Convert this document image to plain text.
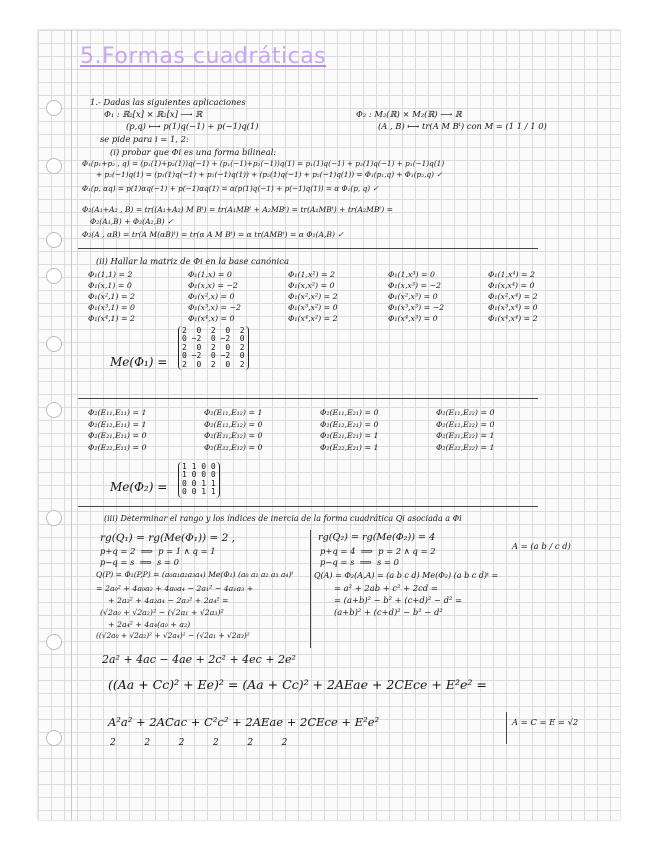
5.Formas cuadráticas
1.- Dadas las siguientes aplicaciones
Φ₁ : ℝ₂[x] × ℝ₂[x] ⟶ ℝ
(p,q) ⟼ p(1)q(−1) + p(−1)q(1)
Φ₂ : M₂(ℝ) × M₂(ℝ) ⟶ ℝ
(A , B) ⟼ tr(A M Bᵗ) con M = (1 1 / 1 0)
se pide para i = 1, 2:
(i) probar que Φi es una forma bilineal:
Φ₁(p₁+p₂ , q) = (p₁(1)+p₂(1))q(−1) + (p₁(−1)+p₂(−1))q(1) = p₁(1)q(−1) + p₂(1)q(−1) + p₁(−1)q(1)
+ p₂(−1)q(1) = (p₁(1)q(−1) + p₁(−1)q(1)) + (p₂(1)q(−1) + p₂(−1)q(1)) = Φ₁(p₁,q) + Φ₁(p₂,q) ✓
Φ₁(p, αq) = p(1)αq(−1) + p(−1)αq(1) = α(p(1)q(−1) + p(−1)q(1)) = α Φ₁(p, q) ✓
Φ₂(A₁+A₂ , B) = tr((A₁+A₂) M Bᵗ) = tr(A₁MBᵗ + A₂MBᵗ) = tr(A₁MBᵗ) + tr(A₂MBᵗ) =
Φ₂(A₁,B) + Φ₂(A₂,B) ✓
Φ₂(A , αB) = tr(A M(αB)ᵗ) = tr(α A M Bᵗ) = α tr(AMBᵗ) = α Φ₂(A,B) ✓
(ii) Hallar la matriz de Φi en la base canónica
Φ₁(1,1) = 2	Φ₁(1,x) = 0	Φ₁(1,x²) = 2	Φ₁(1,x³) = 0	Φ₁(1,x⁴) = 2
Φ₁(x,1) = 0	Φ₁(x,x) = −2	Φ₁(x,x²) = 0	Φ₁(x,x³) = −2	Φ₁(x,x⁴) = 0
Φ₁(x²,1) = 2	Φ₁(x²,x) = 0	Φ₁(x²,x²) = 2	Φ₁(x²,x³) = 0	Φ₁(x²,x⁴) = 2
Φ₁(x³,1) = 0	Φ₁(x³,x) = −2	Φ₁(x³,x²) = 0	Φ₁(x³,x³) = −2	Φ₁(x³,x⁴) = 0
Φ₁(x⁴,1) = 2	Φ₁(x⁴,x) = 0	Φ₁(x⁴,x²) = 2	Φ₁(x⁴,x³) = 0	Φ₁(x⁴,x⁴) = 2
Me(Φ₁) =
2  0  2  0  2
0 −2  0 −2  0
2  0  2  0  2
0 −2  0 −2  0
2  0  2  0  2
Φ₂(E₁₁,E₁₁) = 1	Φ₂(E₁₁,E₁₂) = 1	Φ₂(E₁₁,E₂₁) = 0	Φ₂(E₁₁,E₂₂) = 0
Φ₂(E₁₂,E₁₁) = 1	Φ₂(E₁₂,E₁₂) = 0	Φ₂(E₁₂,E₂₁) = 0	Φ₂(E₁₂,E₂₂) = 0
Φ₂(E₂₁,E₁₁) = 0	Φ₂(E₂₁,E₁₂) = 0	Φ₂(E₂₁,E₂₁) = 1	Φ₂(E₂₁,E₂₂) = 1
Φ₂(E₂₂,E₁₁) = 0	Φ₂(E₂₂,E₁₂) = 0	Φ₂(E₂₂,E₂₁) = 1	Φ₂(E₂₂,E₂₂) = 1
Me(Φ₂) =
1 1 0 0
1 0 0 0
0 0 1 1
0 0 1 1
(iii) Determinar el rango y los índices de inercia de la forma cuadrática Qi asociada a Φi
rg(Q₁) = rg(Me(Φ₁)) = 2 ,
p+q = 2  ⟹  p = 1 ∧ q = 1
p−q = s  ⟹  s = 0
Q(P) = Φ₁(P,P) = (a₀a₁a₂a₃a₄) Me(Φ₁) (a₀ a₁ a₂ a₃ a₄)ᵗ
= 2a₀² + 4a₀a₂ + 4a₀a₄ − 2a₁² − 4a₁a₃ +
+ 2a₂² + 4a₂a₄ − 2a₃² + 2a₄² =
(√2a₀ + √2a₂)² − (√2a₁ + √2a₃)²
+ 2a₄² + 4a₄(a₀ + a₂)
((√2a₀ + √2a₂)² + √2a₄)² − (√2a₁ + √2a₃)²
rg(Q₂) = rg(Me(Φ₂)) = 4
p+q = 4  ⟹  p = 2 ∧ q = 2
p−q = s  ⟹  s = 0
Q(A) = Φ₂(A,A) = (a b c d) Me(Φ₂) (a b c d)ᵗ =
= a² + 2ab + c² + 2cd =
= (a+b)² − b² + (c+d)² − d² =
(a+b)² + (c+d)² − b² − d²
A = (a b / c d)
2a² + 4ac − 4ae + 2c² + 4ec + 2e²
((Aa + Cc)² + Ee)² = (Aa + Cc)² + 2AEae + 2CEce + E²e² =
A²a² + 2ACac + C²c² + 2AEae + 2CEce + E²e²
2          2          2          2          2          2
A = C = E = √2
